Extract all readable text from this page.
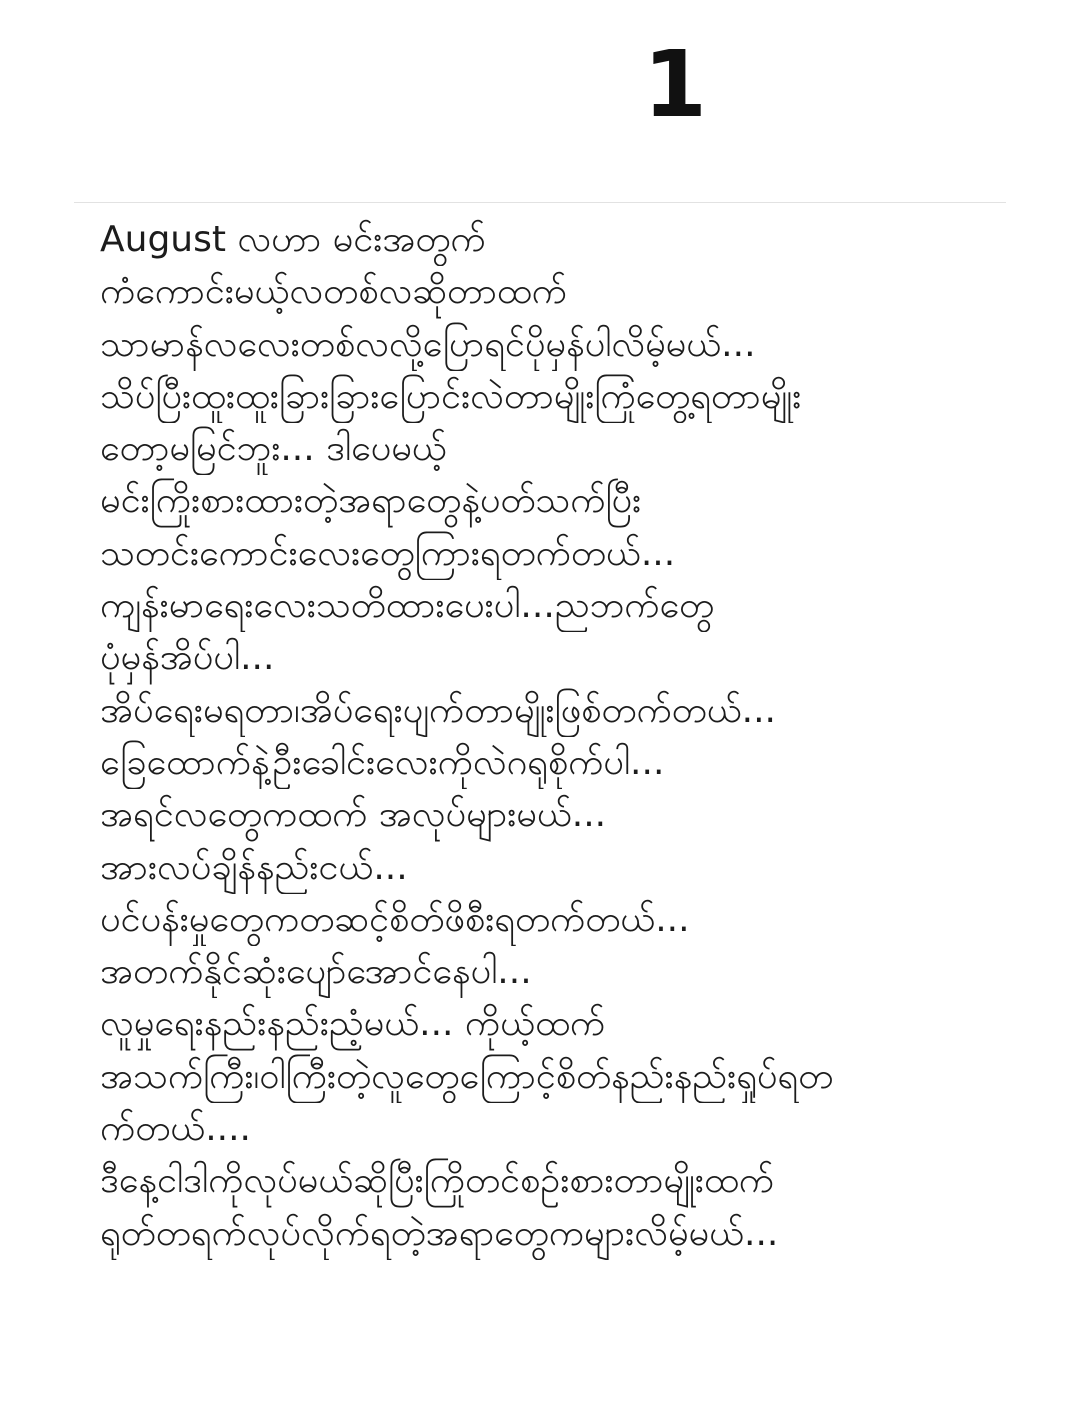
1
August လဟာ မင်းအတွက်
ကံကောင်းမယ့်လတစ်လဆိုတာထက်
သာမာန်လလေးတစ်လလို့ပြောရင်ပိုမှန်ပါလိမ့်မယ်...
သိပ်ပြီးထူးထူးခြားခြားပြောင်းလဲတာမျိုးကြုံတွေ့ရတာမျိုး
တော့မမြင်ဘူး... ဒါပေမယ့်
မင်းကြိုးစားထားတဲ့အရာတွေနဲ့ပတ်သက်ပြီး
သတင်းကောင်းလေးတွေကြားရတက်တယ်...
ကျန်းမာရေးလေးသတိထားပေးပါ...ညဘက်တွေ
ပုံမှန်အိပ်ပါ...
အိပ်ရေးမရတာ၊အိပ်ရေးပျက်တာမျိုးဖြစ်တက်တယ်...
ခြေထောက်နဲ့ဦးခေါင်းလေးကိုလဲဂရုစိုက်ပါ...
အရင်လတွေကထက် အလုပ်များမယ်...
အားလပ်ချိန်နည်းငယ်...
ပင်ပန်းမှုတွေကတဆင့်စိတ်ဖိစီးရတက်တယ်...
အတက်နိုင်ဆုံးပျော်အောင်နေပါ...
လူမှုရေးနည်းနည်းညံ့မယ်... ကိုယ့်ထက်
အသက်ကြီး၊ဝါကြီးတဲ့လူတွေကြောင့်စိတ်နည်းနည်းရှုပ်ရတ
က်တယ်....
ဒီနေ့ငါဒါကိုလုပ်မယ်ဆိုပြီးကြိုတင်စဉ်းစားတာမျိုးထက်
ရုတ်တရက်လုပ်လိုက်ရတဲ့အရာတွေကများလိမ့်မယ်...
